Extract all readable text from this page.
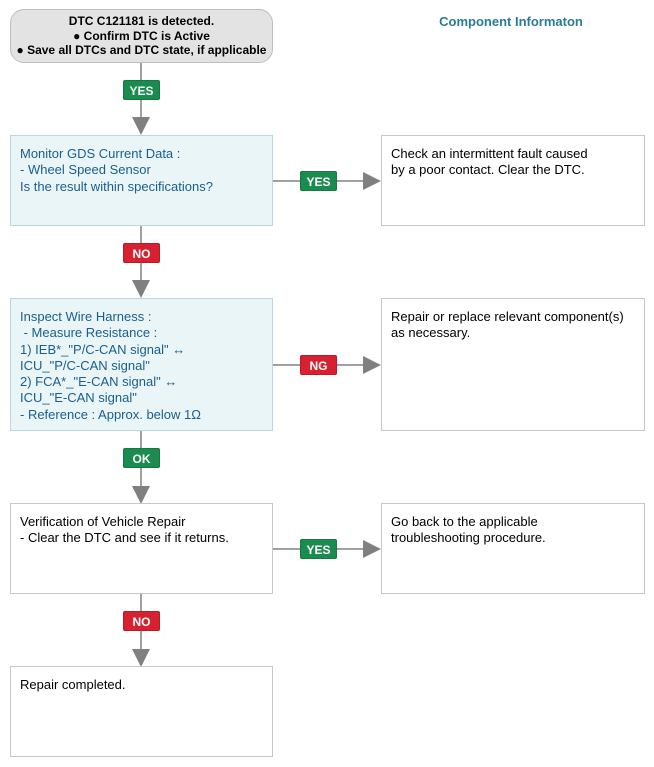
DTC C121181 is detected.
● Confirm DTC is Active
● Save all DTCs and DTC state, if applicable
Component Informaton
Monitor GDS Current Data :
- Wheel Speed Sensor
Is the result within specifications?
Inspect Wire Harness :
- Measure Resistance :
1) IEB*_"P/C-CAN signal" ↔
ICU_"P/C-CAN signal"
2) FCA*_"E-CAN signal" ↔
ICU_"E-CAN signal"
- Reference : Approx. below 1Ω
Verification of Vehicle Repair
- Clear the DTC and see if it returns.
Repair completed.
Check an intermittent fault caused
by a poor contact. Clear the DTC.
Repair or replace relevant component(s)
as necessary.
Go back to the applicable
troubleshooting procedure.
YES
NO
OK
NO
YES
NG
YES
